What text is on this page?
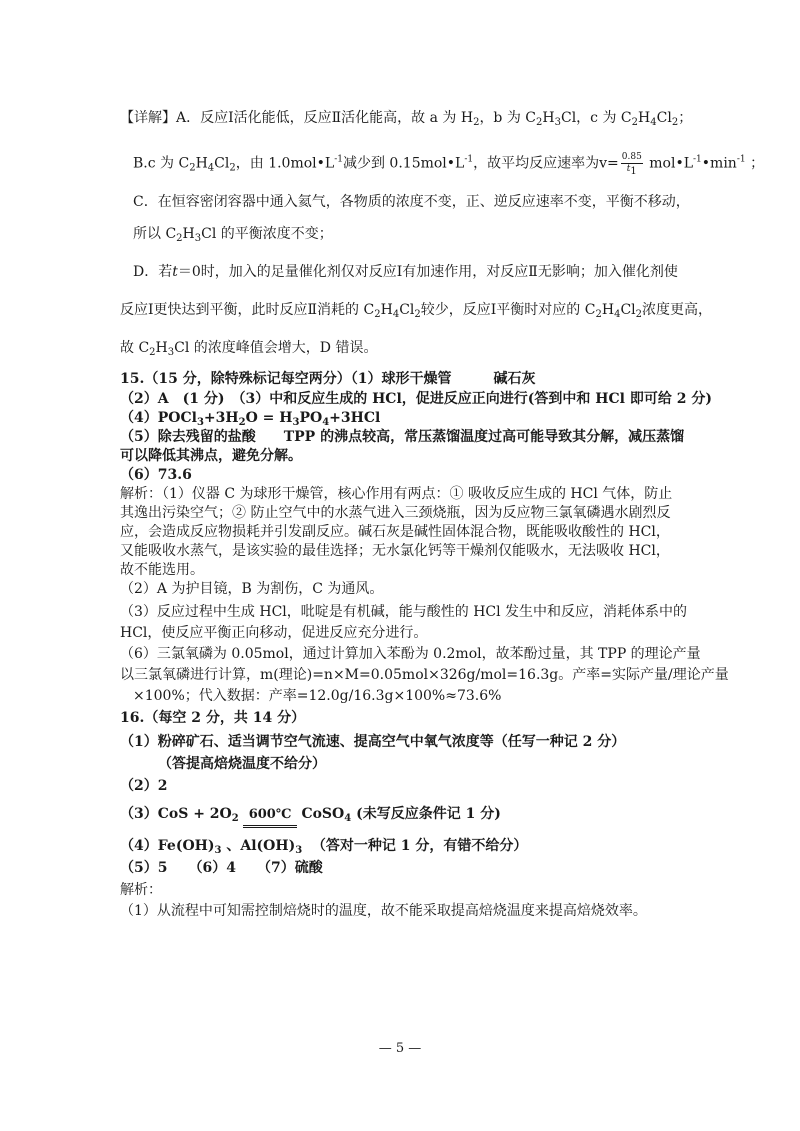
【详解】A．反应Ⅰ活化能低，反应Ⅱ活化能高，故 a 为 $H_2$，b 为 $C_2H_3Cl$，c 为 $C_2H_4Cl_2$；
B.c 为 $C_2H_4Cl_2$，由 $1.0mol•L^{-1}$减少到 $0.15mol•L^{-1}$，故平均反应速率为$v= \frac{0.85}{t_1}$ $mol•L^{-1}•\min^{-1}$ ；
C．在恒容密闭容器中通入氦气，各物质的浓度不变，正、逆反应速率不变，平衡不移动，
所以 $C_2H_3Cl$ 的平衡浓度不变；
D．若t＝0时，加入的足量催化剂仅对反应Ⅰ有加速作用，对反应Ⅱ无影响；加入催化剂使
反应Ⅰ更快达到平衡，此时反应Ⅱ消耗的 $C_2H_4Cl_2$较少，反应Ⅰ平衡时对应的 $C_2H_4Cl_2$浓度更高，
故 $C_2H_3Cl$ 的浓度峰值会增大，D 错误。
15.（15 分，除特殊标记每空两分）（1）球形干燥管　　　碱石灰
（2）A　(1 分)　（3）中和反应生成的 HCl，促进反应正向进行(答到中和 HCl 即可给 2 分)
$(4)POCl_3+3H_2O = H_3PO_4+3HCl$
（5）除去残留的盐酸　　TPP 的沸点较高，常压蒸馏温度过高可能导致其分解，减压蒸馏
可以降低其沸点，避免分解。
（6）73.6
解析：（1）仪器 C 为球形干燥管，核心作用有两点：① 吸收反应生成的 HCl 气体，防止
其逸出污染空气；② 防止空气中的水蒸气进入三颈烧瓶，因为反应物三氯氧磷遇水剧烈反
应，会造成反应物损耗并引发副反应。碱石灰是碱性固体混合物，既能吸收酸性的 HCl，
又能吸收水蒸气，是该实验的最佳选择；无水氯化钙等干燥剂仅能吸水，无法吸收 HCl，
故不能选用。
（2）A 为护目镜，B 为割伤，C 为通风。
（3）反应过程中生成 HCl，吡啶是有机碱，能与酸性的 HCl 发生中和反应，消耗体系中的
HCl，使反应平衡正向移动，促进反应充分进行。
（6）三氯氧磷为 0.05mol，通过计算加入苯酚为 0.2mol，故苯酚过量，其 TPP 的理论产量
以三氯氧磷进行计算，m(理论)=n×M=0.05mol×326g/mol=16.3g。产率=实际产量/理论产量
×100%；代入数据：产率=12.0g/16.3g×100%≈73.6%
16.（每空 2 分，共 14 分）
（1）粉碎矿石、适当调节空气流速、提高空气中氧气浓度等（任写一种记 2 分）
（答提高焙烧温度不给分）
（2）2
$(3)CoS + 2O_2$ 600℃ CoSO$_4$ (未写反应条件记 1 分)
$(4)Fe(OH)_3$ 、$Al(OH)_3$ （答对一种记 1 分，有错不给分）
（5）5　　（6）4　　（7）硫酸
解析：
（1）从流程中可知需控制焙烧时的温度，故不能采取提高焙烧温度来提高焙烧效率。
— 5 —
